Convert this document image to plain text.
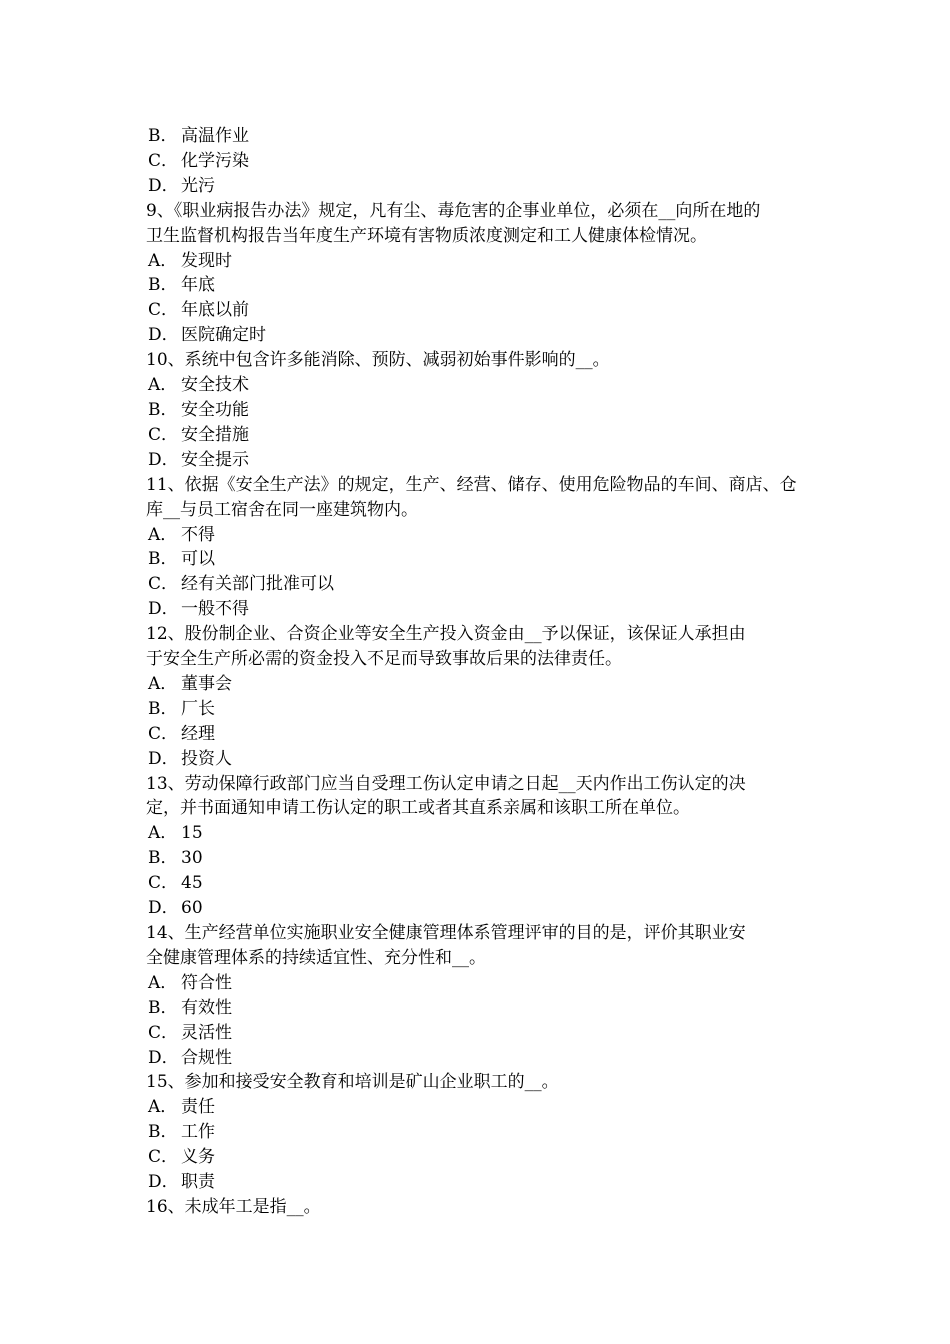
B． 高温作业
C． 化学污染
D． 光污
9、《职业病报告办法》规定，凡有尘、毒危害的企事业单位，必须在__向所在地的
卫生监督机构报告当年度生产环境有害物质浓度测定和工人健康体检情况。
A． 发现时
B． 年底
C． 年底以前
D． 医院确定时
10、系统中包含许多能消除、预防、减弱初始事件影响的__。
A． 安全技术
B． 安全功能
C． 安全措施
D． 安全提示
11、依据《安全生产法》的规定，生产、经营、储存、使用危险物品的车间、商店、仓
库__与员工宿舍在同一座建筑物内。
A． 不得
B． 可以
C． 经有关部门批准可以
D． 一般不得
12、股份制企业、合资企业等安全生产投入资金由__予以保证，该保证人承担由
于安全生产所必需的资金投入不足而导致事故后果的法律责任。
A． 董事会
B． 厂长
C． 经理
D． 投资人
13、劳动保障行政部门应当自受理工伤认定申请之日起__天内作出工伤认定的决
定，并书面通知申请工伤认定的职工或者其直系亲属和该职工所在单位。
A． 15
B． 30
C． 45
D． 60
14、生产经营单位实施职业安全健康管理体系管理评审的目的是，评价其职业安
全健康管理体系的持续适宜性、充分性和__。
A． 符合性
B． 有效性
C． 灵活性
D． 合规性
15、参加和接受安全教育和培训是矿山企业职工的__。
A． 责任
B． 工作
C． 义务
D． 职责
16、未成年工是指__。
